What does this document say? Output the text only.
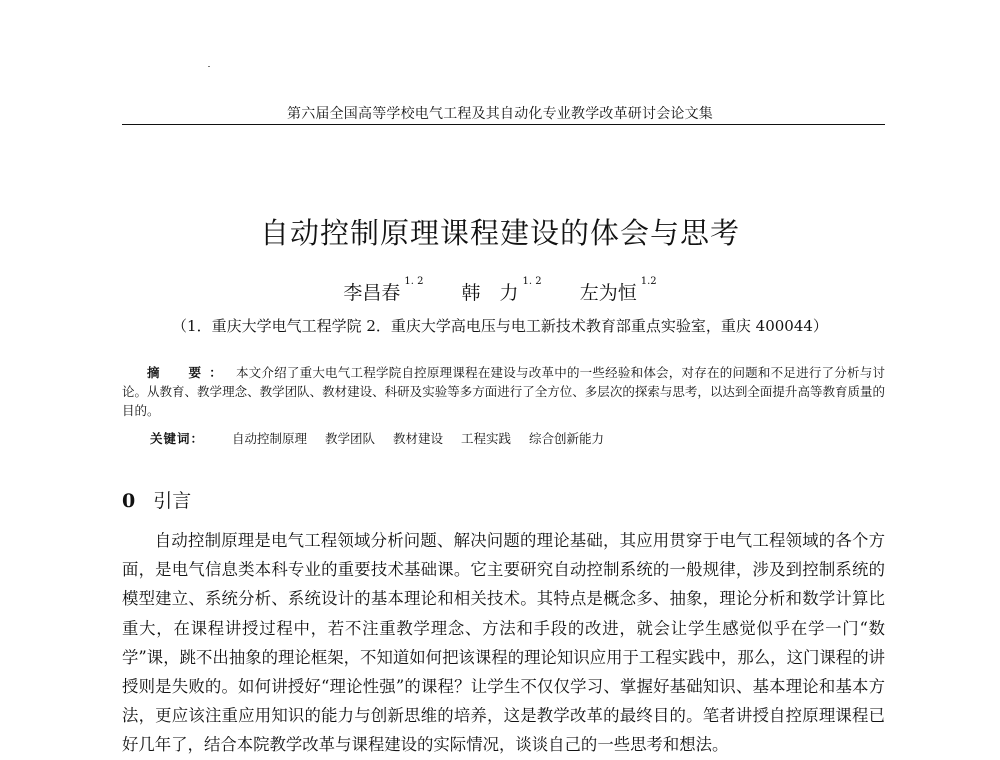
第六届全国高等学校电气工程及其自动化专业教学改革研讨会论文集
自动控制原理课程建设的体会与思考
李昌春$^{1. 2}$ 韩　力$^{1. 2}$ 左为恒$^{1.2}$
（1．重庆大学电气工程学院 2．重庆大学高电压与电工新技术教育部重点实验室，重庆 400044）
摘　要： 本文介绍了重大电气工程学院自控原理课程在建设与改革中的一些经验和体会，对存在的问题和不足进行了分析与讨论。从教育、教学理念、教学团队、教材建设、科研及实验等多方面进行了全方位、多层次的探索与思考，以达到全面提升高等教育质量的目的。
关键词： 自动控制原理 教学团队 教材建设 工程实践 综合创新能力
0 引言
自动控制原理是电气工程领域分析问题、解决问题的理论基础，其应用贯穿于电气工程领域的各个方面，是电气信息类本科专业的重要技术基础课。它主要研究自动控制系统的一般规律，涉及到控制系统的模型建立、系统分析、系统设计的基本理论和相关技术。其特点是概念多、抽象，理论分析和数学计算比重大，在课程讲授过程中，若不注重教学理念、方法和手段的改进，就会让学生感觉似乎在学一门“数学”课，跳不出抽象的理论框架，不知道如何把该课程的理论知识应用于工程实践中，那么，这门课程的讲授则是失败的。如何讲授好“理论性强”的课程？让学生不仅仅学习、掌握好基础知识、基本理论和基本方法，更应该注重应用知识的能力与创新思维的培养，这是教学改革的最终目的。笔者讲授自控原理课程已好几年了，结合本院教学改革与课程建设的实际情况，谈谈自己的一些思考和想法。
